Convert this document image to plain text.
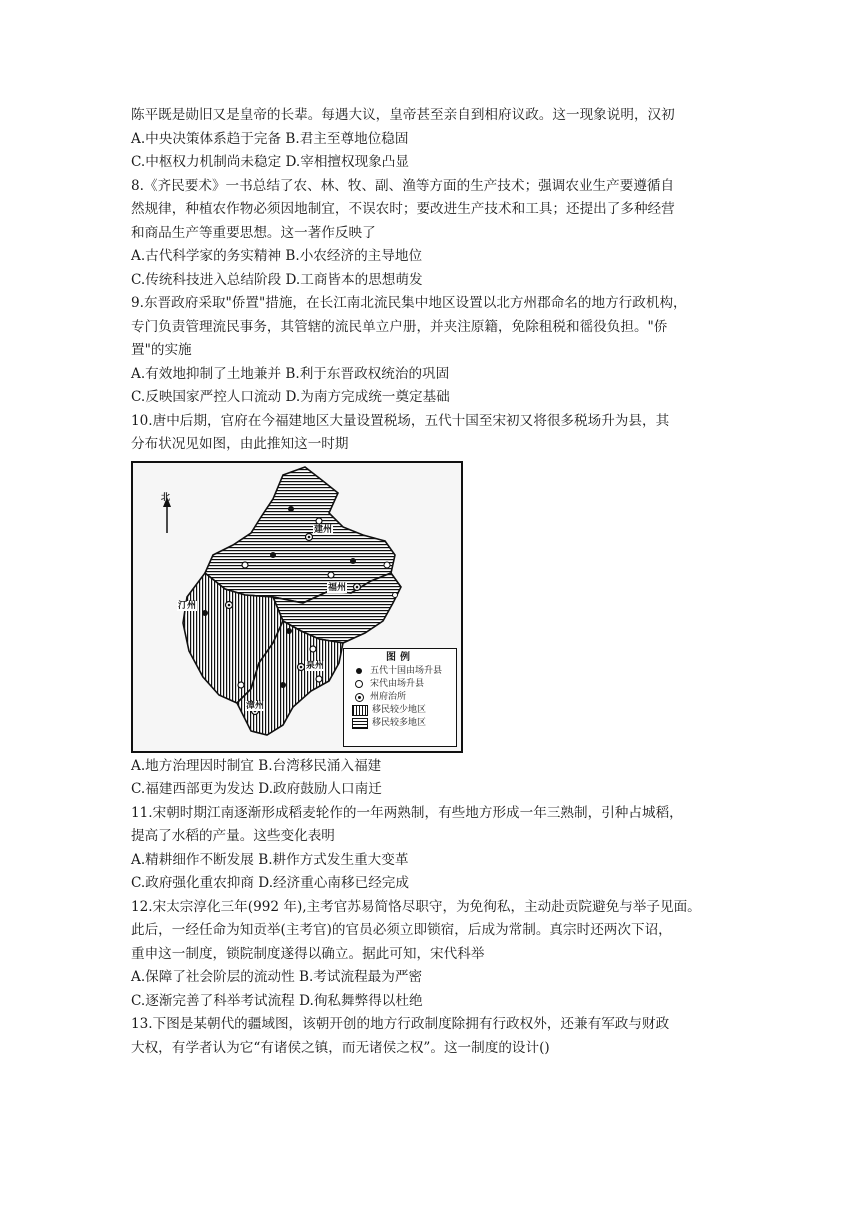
陈平既是勋旧又是皇帝的长辈。每遇大议，皇帝甚至亲自到相府议政。这一现象说明，汉初
A.中央决策体系趋于完备 B.君主至尊地位稳固
C.中枢权力机制尚未稳定 D.宰相擅权现象凸显
8.《齐民要术》一书总结了农、林、牧、副、渔等方面的生产技术；强调农业生产要遵循自
然规律，种植农作物必须因地制宜，不误农时；要改进生产技术和工具；还提出了多种经营
和商品生产等重要思想。这一著作反映了
A.古代科学家的务实精神 B.小农经济的主导地位
C.传统科技进入总结阶段 D.工商皆本的思想萌发
9.东晋政府采取"侨置"措施，在长江南北流民集中地区设置以北方州郡命名的地方行政机构，
专门负责管理流民事务，其管辖的流民单立户册，并夹注原籍，免除租税和徭役负担。"侨
置"的实施
A.有效地抑制了土地兼并 B.利于东晋政权统治的巩固
C.反映国家严控人口流动 D.为南方完成统一奠定基础
10.唐中后期，官府在今福建地区大量设置税场，五代十国至宋初又将很多税场升为县，其
分布状况见如图，由此推知这一时期
北
建州
福州
汀州
泉州
漳州
图例
五代十国由场升县
宋代由场升县
州府治所
移民较少地区
移民较多地区
A.地方治理因时制宜 B.台湾移民涌入福建
C.福建西部更为发达 D.政府鼓励人口南迁
11.宋朝时期江南逐渐形成稻麦轮作的一年两熟制，有些地方形成一年三熟制，引种占城稻，
提高了水稻的产量。这些变化表明
A.精耕细作不断发展 B.耕作方式发生重大变革
C.政府强化重农抑商 D.经济重心南移已经完成
12.宋太宗淳化三年(992 年),主考官苏易简恪尽职守，为免徇私，主动赴贡院避免与举子见面。
此后，一经任命为知贡举(主考官)的官员必须立即锁宿，后成为常制。真宗时还两次下诏，
重申这一制度，锁院制度遂得以确立。据此可知，宋代科举
A.保障了社会阶层的流动性 B.考试流程最为严密
C.逐渐完善了科举考试流程 D.徇私舞弊得以杜绝
13.下图是某朝代的疆域图，该朝开创的地方行政制度除拥有行政权外，还兼有军政与财政
大权，有学者认为它“有诸侯之镇，而无诸侯之权”。这一制度的设计()
